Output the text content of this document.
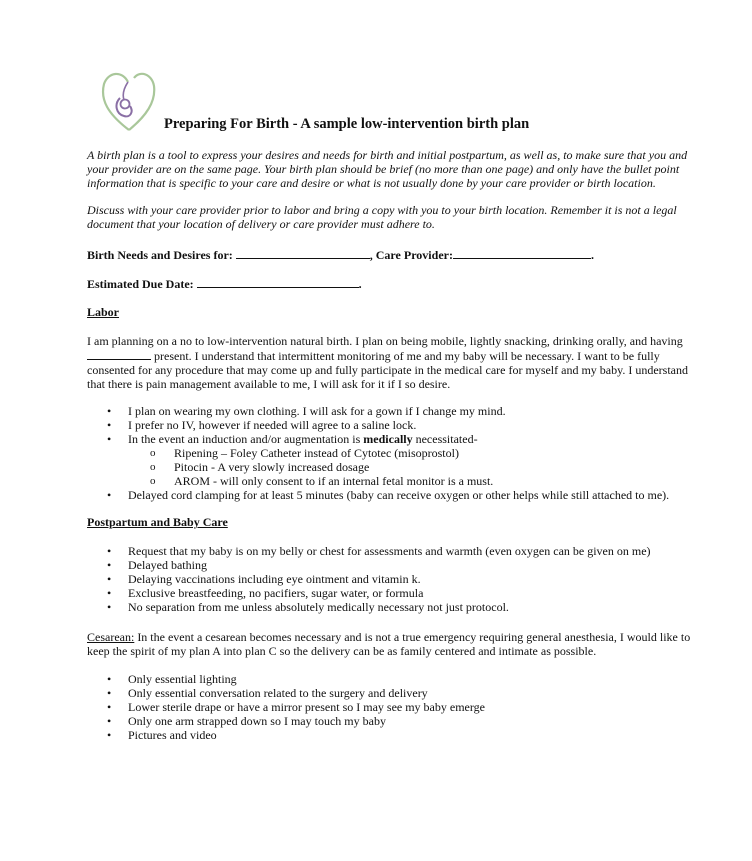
Preparing For Birth - A sample low-intervention birth plan
A birth plan is a tool to express your desires and needs for birth and initial postpartum, as well as, to make sure that you and your provider are on the same page. Your birth plan should be brief (no more than one page) and only have the bullet point information that is specific to your care and desire or what is not usually done by your care provider or birth location.
Discuss with your care provider prior to labor and bring a copy with you to your birth location. Remember it is not a legal document that your location of delivery or care provider must adhere to.
Birth Needs and Desires for:	, Care Provider:	.
Estimated Due Date:	.
Labor
I am planning on a no to low-intervention natural birth. I plan on being mobile, lightly snacking, drinking orally, and having  present. I understand that intermittent monitoring of me and my baby will be necessary. I want to be fully consented for any procedure that may come up and fully participate in the medical care for myself and my baby. I understand that there is pain management available to me, I will ask for it if I so desire.
• I plan on wearing my own clothing. I will ask for a gown if I change my mind.
• I prefer no IV, however if needed will agree to a saline lock.
• In the event an induction and/or augmentation is medically necessitated-
o Ripening – Foley Catheter instead of Cytotec (misoprostol)
o Pitocin - A very slowly increased dosage
o AROM - will only consent to if an internal fetal monitor is a must.
• Delayed cord clamping for at least 5 minutes (baby can receive oxygen or other helps while still attached to me).
Postpartum and Baby Care
• Request that my baby is on my belly or chest for assessments and warmth (even oxygen can be given on me)
• Delayed bathing
• Delaying vaccinations including eye ointment and vitamin k.
• Exclusive breastfeeding, no pacifiers, sugar water, or formula
• No separation from me unless absolutely medically necessary not just protocol.
Cesarean: In the event a cesarean becomes necessary and is not a true emergency requiring general anesthesia, I would like to keep the spirit of my plan A into plan C so the delivery can be as family centered and intimate as possible.
• Only essential lighting
• Only essential conversation related to the surgery and delivery
• Lower sterile drape or have a mirror present so I may see my baby emerge
• Only one arm strapped down so I may touch my baby
• Pictures and video
